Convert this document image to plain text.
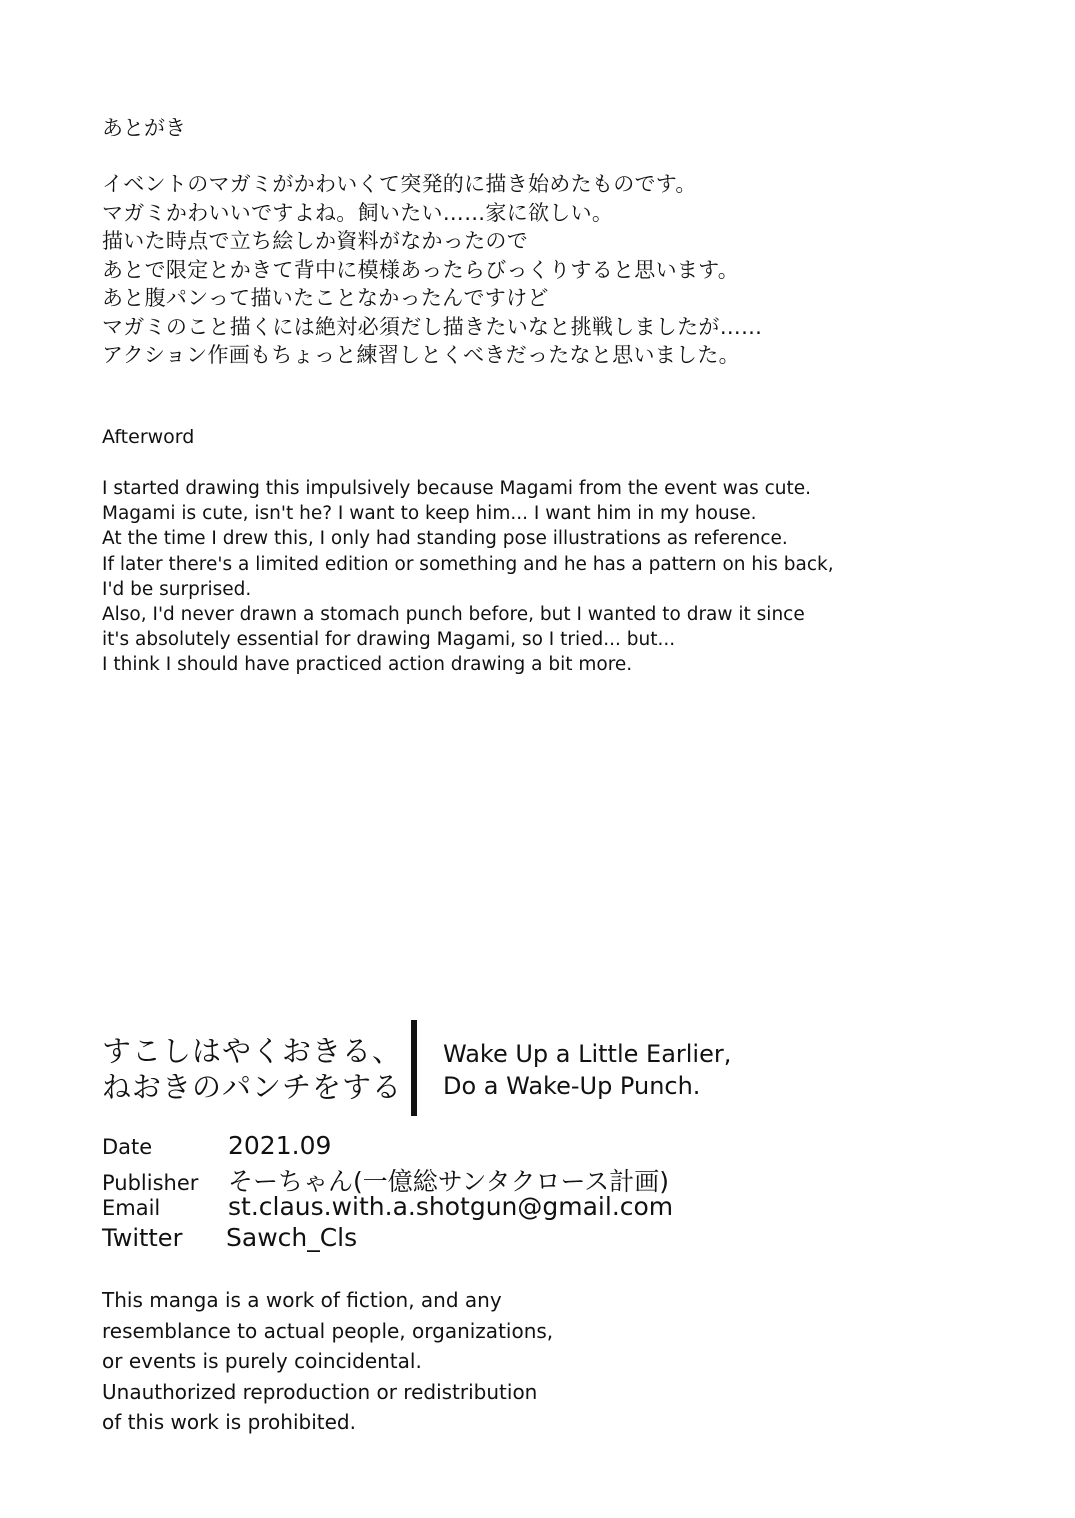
あとがき
イベントのマガミがかわいくて突発的に描き始めたものです。
マガミかわいいですよね。飼いたい……家に欲しい。
描いた時点で立ち絵しか資料がなかったので
あとで限定とかきて背中に模様あったらびっくりすると思います。
あと腹パンって描いたことなかったんですけど
マガミのこと描くには絶対必須だし描きたいなと挑戦しましたが……
アクション作画もちょっと練習しとくべきだったなと思いました。
Afterword
I started drawing this impulsively because Magami from the event was cute.
Magami is cute, isn't he? I want to keep him... I want him in my house.
At the time I drew this, I only had standing pose illustrations as reference.
If later there's a limited edition or something and he has a pattern on his back,
I'd be surprised.
Also, I'd never drawn a stomach punch before, but I wanted to draw it since
it's absolutely essential for drawing Magami, so I tried... but...
I think I should have practiced action drawing a bit more.
すこしはやくおきる、
ねおきのパンチをする
Wake Up a Little Earlier,
Do a Wake-Up Punch.
Date	2021.09
Publisher	そーちゃん(一億総サンタクロース計画)
Email	st.claus.with.a.shotgun@gmail.com
Twitter	Sawch_Cls
This manga is a work of fiction, and any
resemblance to actual people, organizations,
or events is purely coincidental.
Unauthorized reproduction or redistribution
of this work is prohibited.
